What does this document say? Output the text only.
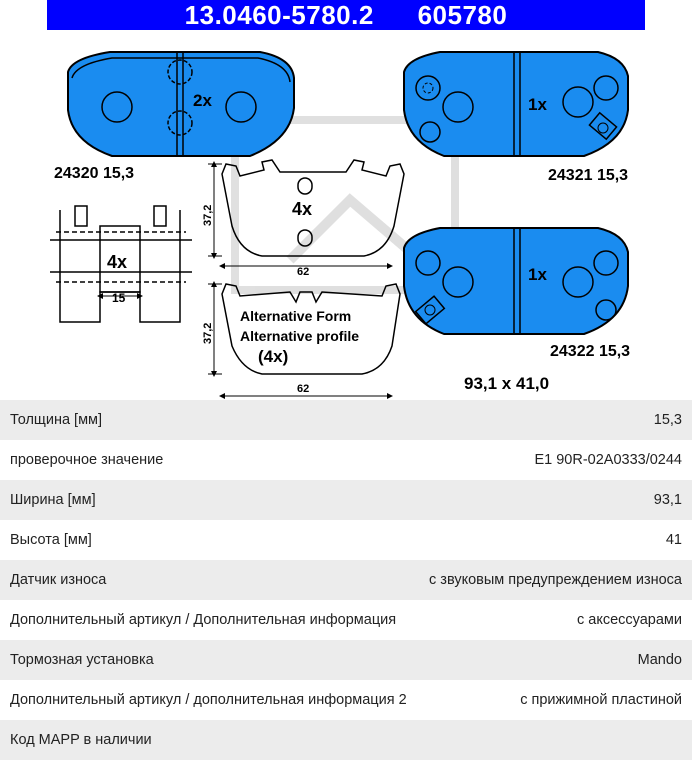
13.0460-5780.2 605780
2x
24320 15,3
1x
24321 15,3
1x
24322 15,3
4x
15
4x
37,2
62
Alternative Form
Alternative profile
(4x)
37,2
62	93,1 x 41,0
Толщина [мм]	15,3
проверочное значение	E1 90R-02A0333/0244
Ширина [мм]	93,1
Высота [мм]	41
Датчик износа	с звуковым предупреждением износа
Дополнительный артикул / Дополнительная информация	с аксессуарами
Тормозная установка	Mando
Дополнительный артикул / дополнительная информация 2	с прижимной пластиной
Код MAPP в наличии
